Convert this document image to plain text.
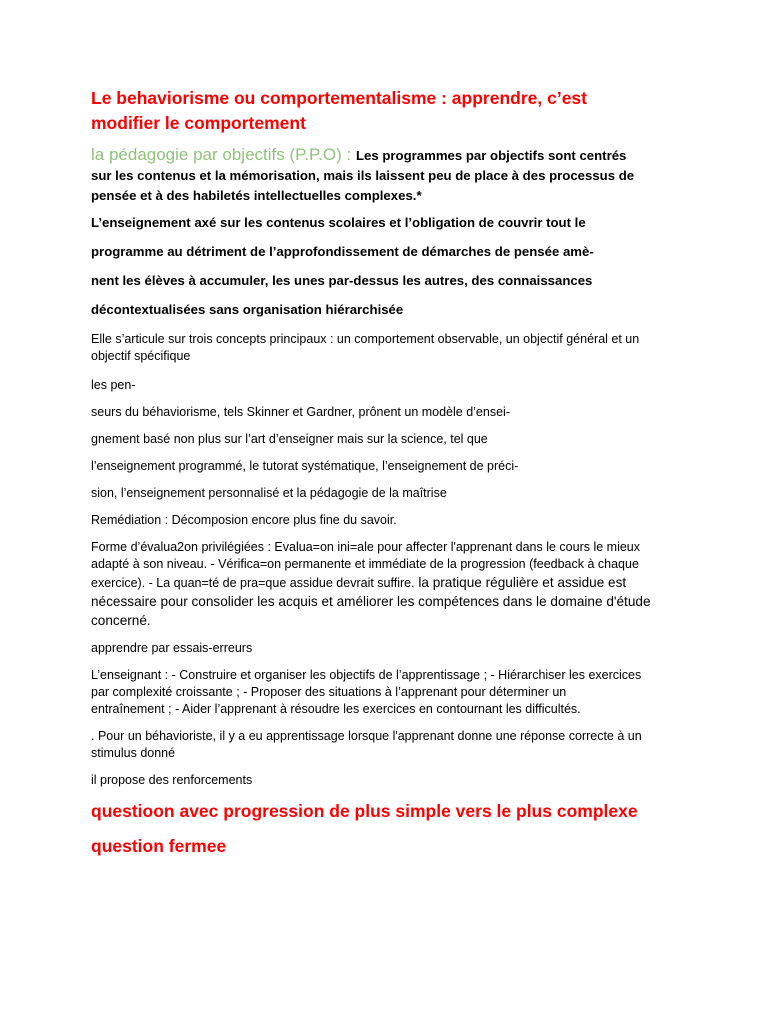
Le behaviorisme ou comportementalisme : apprendre, c’est
modifier le comportement
la pédagogie par objectifs (P.P.O) : Les programmes par objectifs sont centrés
sur les contenus et la mémorisation, mais ils laissent peu de place à des processus de
pensée et à des habiletés intellectuelles complexes.*
L’enseignement axé sur les contenus scolaires et l’obligation de couvrir tout le
programme au détriment de l’approfondissement de démarches de pensée amè-
nent les élèves à accumuler, les unes par-dessus les autres, des connaissances
décontextualisées sans organisation hiérarchisée
Elle s’articule sur trois concepts principaux : un comportement observable, un objectif général et un
objectif spécifique
les pen-
seurs du béhaviorisme, tels Skinner et Gardner, prônent un modèle d’ensei-
gnement basé non plus sur l’art d’enseigner mais sur la science, tel que
l’enseignement programmé, le tutorat systématique, l’enseignement de préci-
sion, l’enseignement personnalisé et la pédagogie de la maîtrise
Remédiation : Décomposion encore plus fine du savoir.
Forme d’évalua2on privilégiées : Evalua=on ini=ale pour affecter l'apprenant dans le cours le mieux
adapté à son niveau. - Vérifica=on permanente et immédiate de la progression (feedback à chaque
exercice). - La quan=té de pra=que assidue devrait suffire. la pratique régulière et assidue est
nécessaire pour consolider les acquis et améliorer les compétences dans le domaine d'étude
concerné.
apprendre par essais-erreurs
L’enseignant : - Construire et organiser les objectifs de l’apprentissage ; - Hiérarchiser les exercices
par complexité croissante ; - Proposer des situations à l’apprenant pour déterminer un
entraînement ; - Aider l’apprenant à résoudre les exercices en contournant les difficultés.
. Pour un béhavioriste, il y a eu apprentissage lorsque l'apprenant donne une réponse correcte à un
stimulus donné
il propose des renforcements
questioon avec progression de plus simple vers le plus complexe
question fermee
